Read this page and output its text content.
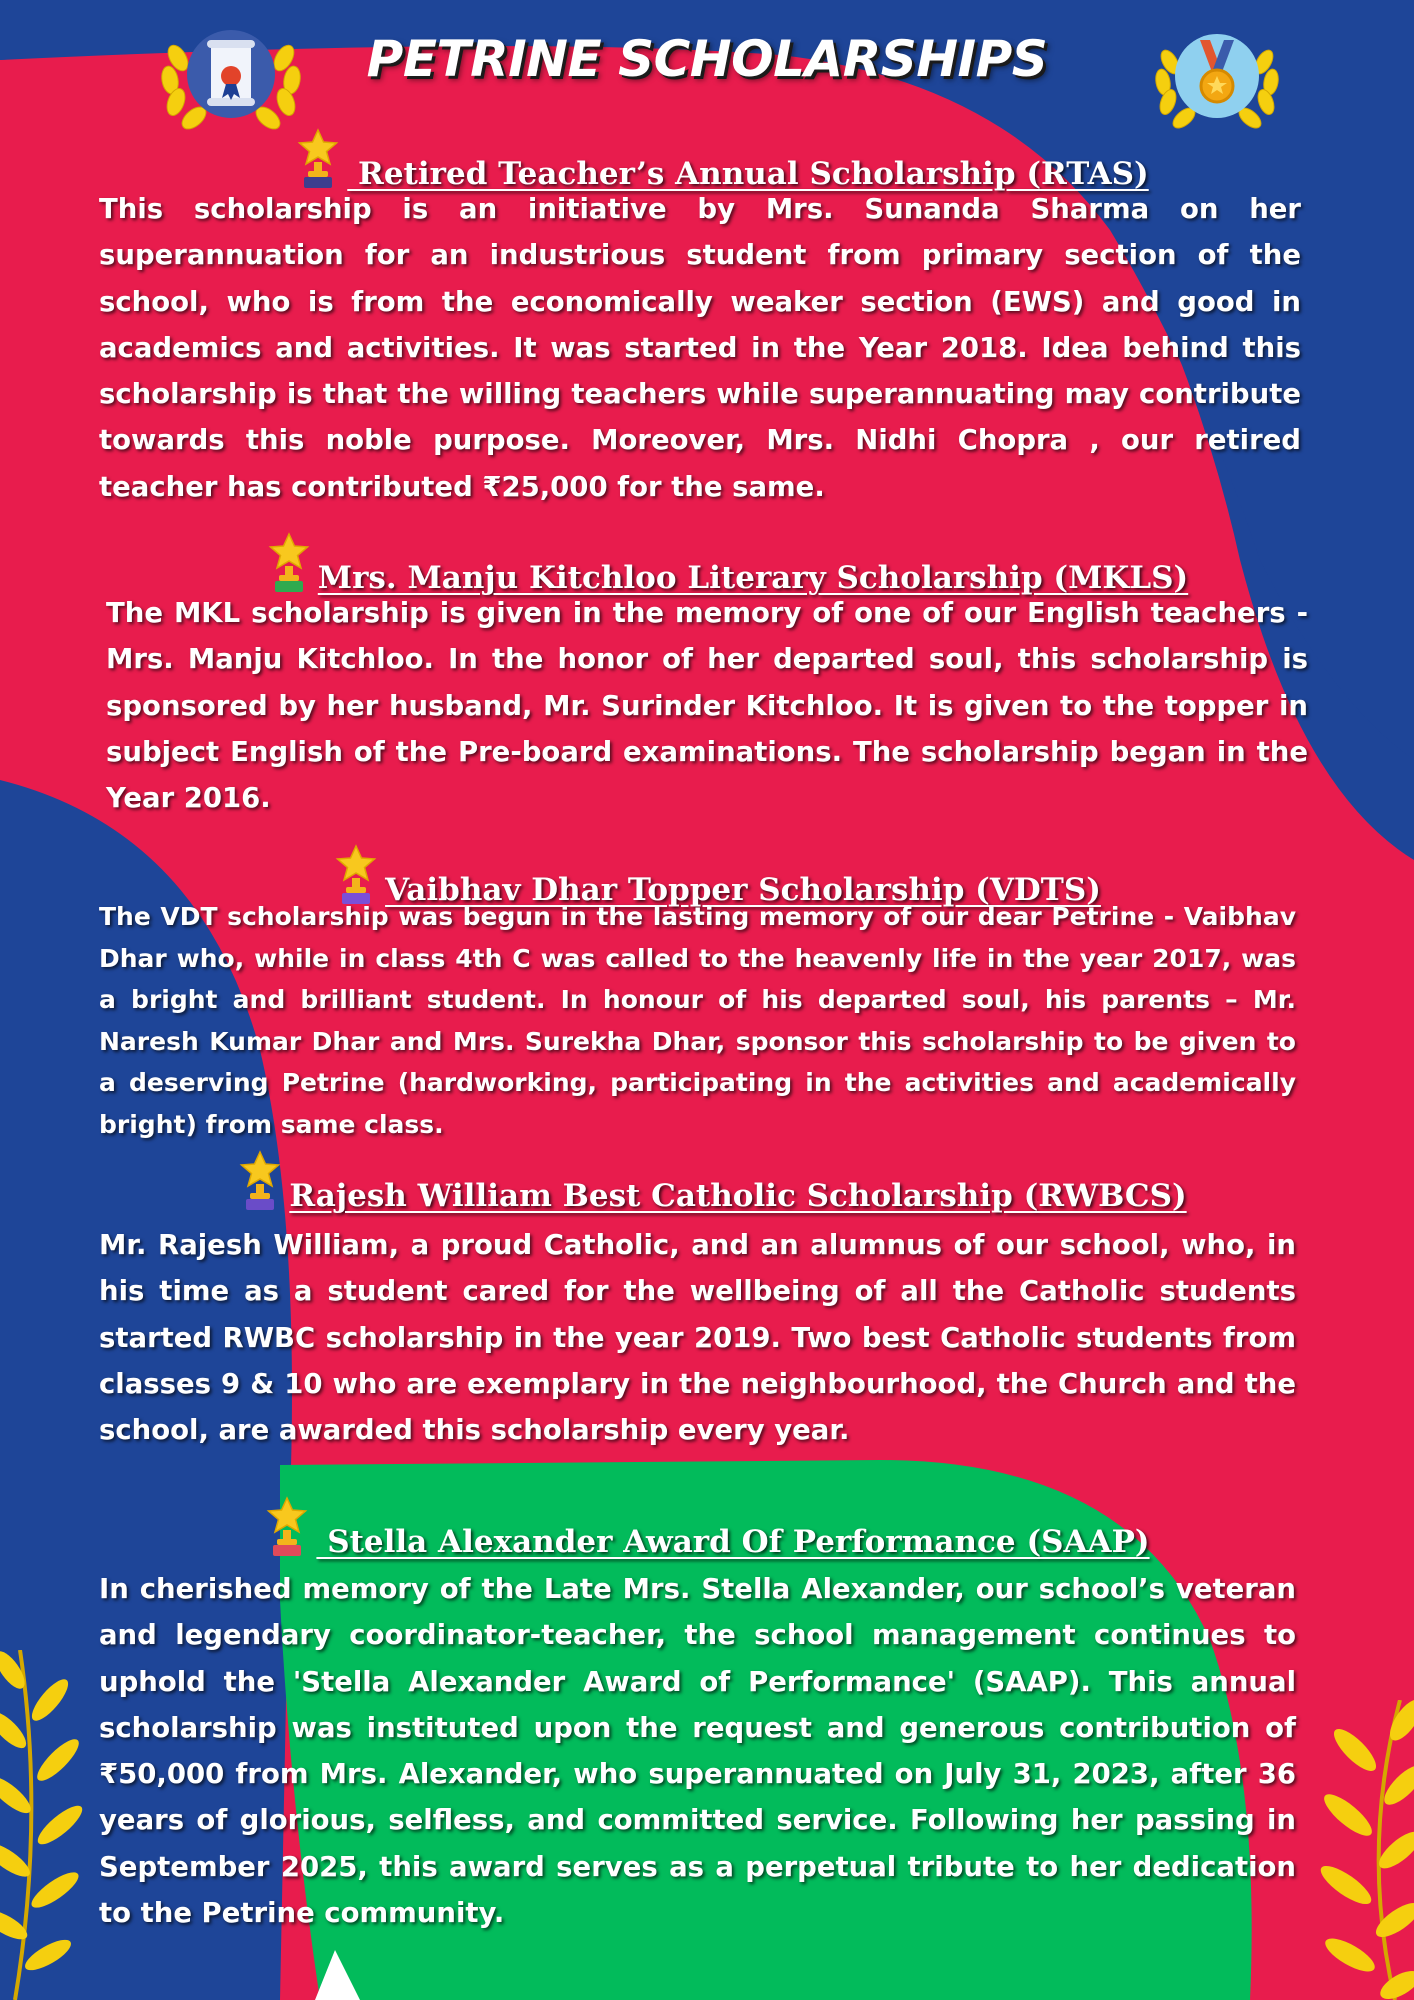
PETRINE SCHOLARSHIPS
Retired Teacher’s Annual Scholarship (RTAS)

This scholarship is an initiative by Mrs. Sunanda Sharma on her superannuation for an industrious student from primary section of the school, who is from the economically weaker section (EWS) and good in academics and activities. It was started in the Year 2018. Idea behind this scholarship is that the willing teachers while superannuating may contribute towards this noble purpose. Moreover, Mrs. Nidhi Chopra , our retired teacher has contributed ₹25,000 for the same.

Mrs. Manju Kitchloo Literary Scholarship (MKLS)

The MKL scholarship is given in the memory of one of our English teachers - Mrs. Manju Kitchloo. In the honor of her departed soul, this scholarship is sponsored by her husband, Mr. Surinder Kitchloo. It is given to the topper in subject English of the Pre-board examinations. The scholarship began in the Year 2016.

Vaibhav Dhar Topper Scholarship (VDTS)

The VDT scholarship was begun in the lasting memory of our dear Petrine - Vaibhav Dhar who, while in class 4th C was called to the heavenly life in the year 2017, was a bright and brilliant student. In honour of his departed soul, his parents – Mr. Naresh Kumar Dhar and Mrs. Surekha Dhar, sponsor this scholarship to be given to a deserving Petrine (hardworking, participating in the activities and academically bright) from same class.

Rajesh William Best Catholic Scholarship (RWBCS)

Mr. Rajesh William, a proud Catholic, and an alumnus of our school, who, in his time as a student cared for the wellbeing of all the Catholic students started RWBC scholarship in the year 2019. Two best Catholic students from classes 9 & 10 who are exemplary in the neighbourhood, the Church and the school, are awarded this scholarship every year.

Stella Alexander Award Of Performance (SAAP)

In cherished memory of the Late Mrs. Stella Alexander, our school’s veteran and legendary coordinator-teacher, the school management continues to uphold the 'Stella Alexander Award of Performance' (SAAP). This annual scholarship was instituted upon the request and generous contribution of ₹50,000 from Mrs. Alexander, who superannuated on July 31, 2023, after 36 years of glorious, selfless, and committed service. Following her passing in September 2025, this award serves as a perpetual tribute to her dedication to the Petrine community.
